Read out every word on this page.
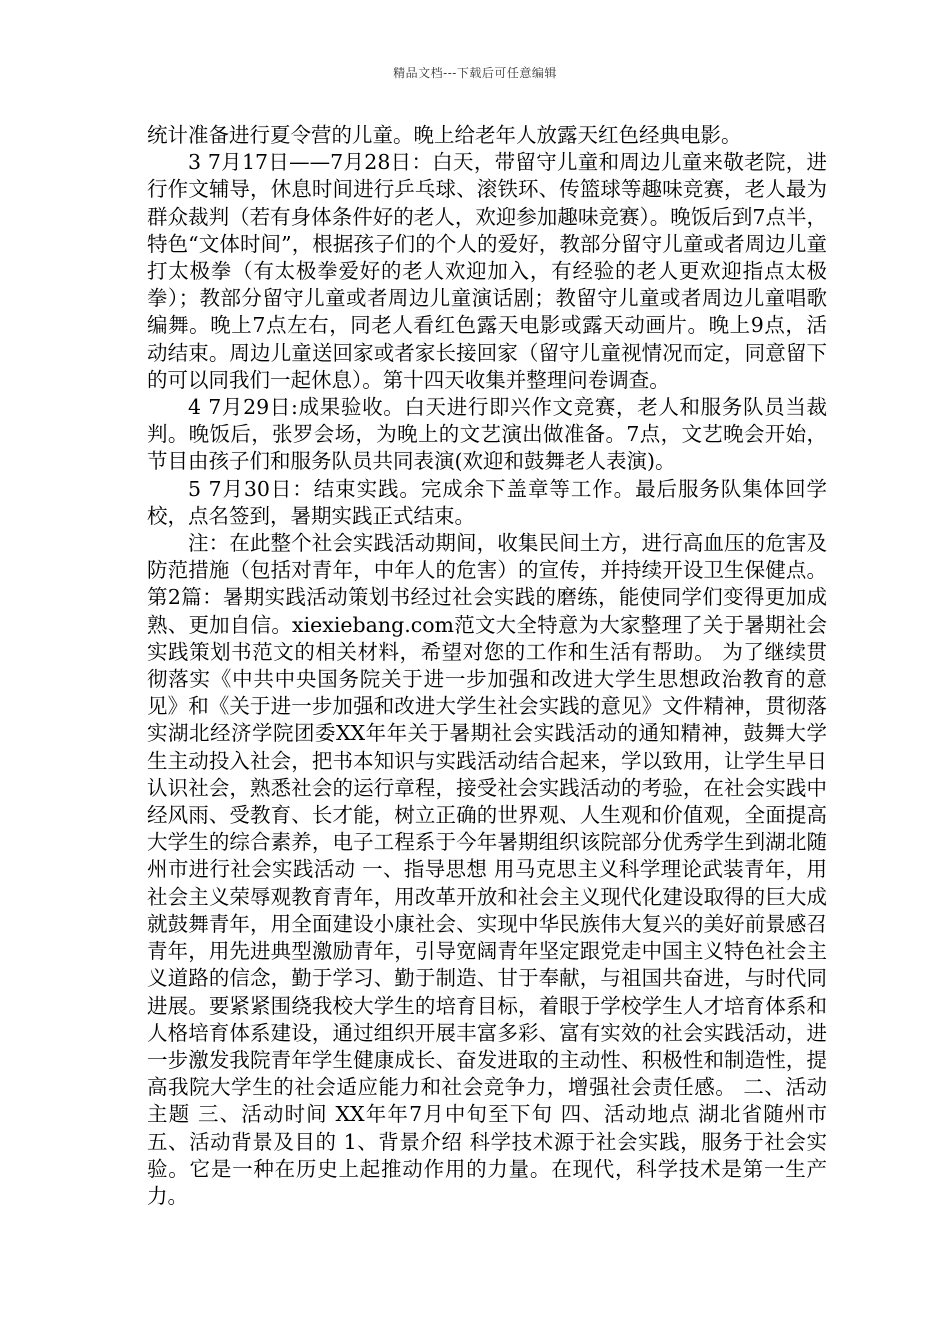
精品文档---下载后可任意编辑

统计准备进行夏令营的儿童。晚上给老年人放露天红色经典电影。

3 7月17日——7月28日：白天，带留守儿童和周边儿童来敬老院，进行作文辅导，休息时间进行乒乓球、滚铁环、传篮球等趣味竞赛，老人最为群众裁判（若有身体条件好的老人，欢迎参加趣味竞赛）。晚饭后到7点半，特色“文体时间”，根据孩子们的个人的爱好，教部分留守儿童或者周边儿童打太极拳（有太极拳爱好的老人欢迎加入，有经验的老人更欢迎指点太极拳）；教部分留守儿童或者周边儿童演话剧；教留守儿童或者周边儿童唱歌编舞。晚上7点左右，同老人看红色露天电影或露天动画片。晚上9点，活动结束。周边儿童送回家或者家长接回家（留守儿童视情况而定，同意留下的可以同我们一起休息）。第十四天收集并整理问卷调查。

4 7月29日:成果验收。白天进行即兴作文竞赛，老人和服务队员当裁判。晚饭后，张罗会场，为晚上的文艺演出做准备。7点，文艺晚会开始，节目由孩子们和服务队员共同表演(欢迎和鼓舞老人表演)。

5 7月30日：结束实践。完成余下盖章等工作。最后服务队集体回学校，点名签到，暑期实践正式结束。

注：在此整个社会实践活动期间，收集民间土方，进行高血压的危害及防范措施（包括对青年，中年人的危害）的宣传，并持续开设卫生保健点。第2篇：暑期实践活动策划书经过社会实践的磨练，能使同学们变得更加成熟、更加自信。xiexiebang.com范文大全特意为大家整理了关于暑期社会实践策划书范文的相关材料，希望对您的工作和生活有帮助。 为了继续贯彻落实《中共中央国务院关于进一步加强和改进大学生思想政治教育的意见》和《关于进一步加强和改进大学生社会实践的意见》文件精神，贯彻落实湖北经济学院团委XX年年关于暑期社会实践活动的通知精神，鼓舞大学生主动投入社会，把书本知识与实践活动结合起来，学以致用，让学生早日认识社会，熟悉社会的运行章程，接受社会实践活动的考验，在社会实践中经风雨、受教育、长才能，树立正确的世界观、人生观和价值观，全面提高大学生的综合素养，电子工程系于今年暑期组织该院部分优秀学生到湖北随州市进行社会实践活动 一、指导思想 用马克思主义科学理论武装青年，用社会主义荣辱观教育青年，用改革开放和社会主义现代化建设取得的巨大成就鼓舞青年，用全面建设小康社会、实现中华民族伟大复兴的美好前景感召青年，用先进典型激励青年，引导宽阔青年坚定跟党走中国主义特色社会主义道路的信念，勤于学习、勤于制造、甘于奉献，与祖国共奋进，与时代同进展。要紧紧围绕我校大学生的培育目标，着眼于学校学生人才培育体系和人格培育体系建设，通过组织开展丰富多彩、富有实效的社会实践活动，进一步激发我院青年学生健康成长、奋发进取的主动性、积极性和制造性，提高我院大学生的社会适应能力和社会竞争力，增强社会责任感。 二、活动主题 三、活动时间 XX年年7月中旬至下旬 四、活动地点 湖北省随州市 五、活动背景及目的 1、背景介绍 科学技术源于社会实践，服务于社会实验。它是一种在历史上起推动作用的力量。在现代，科学技术是第一生产力。
